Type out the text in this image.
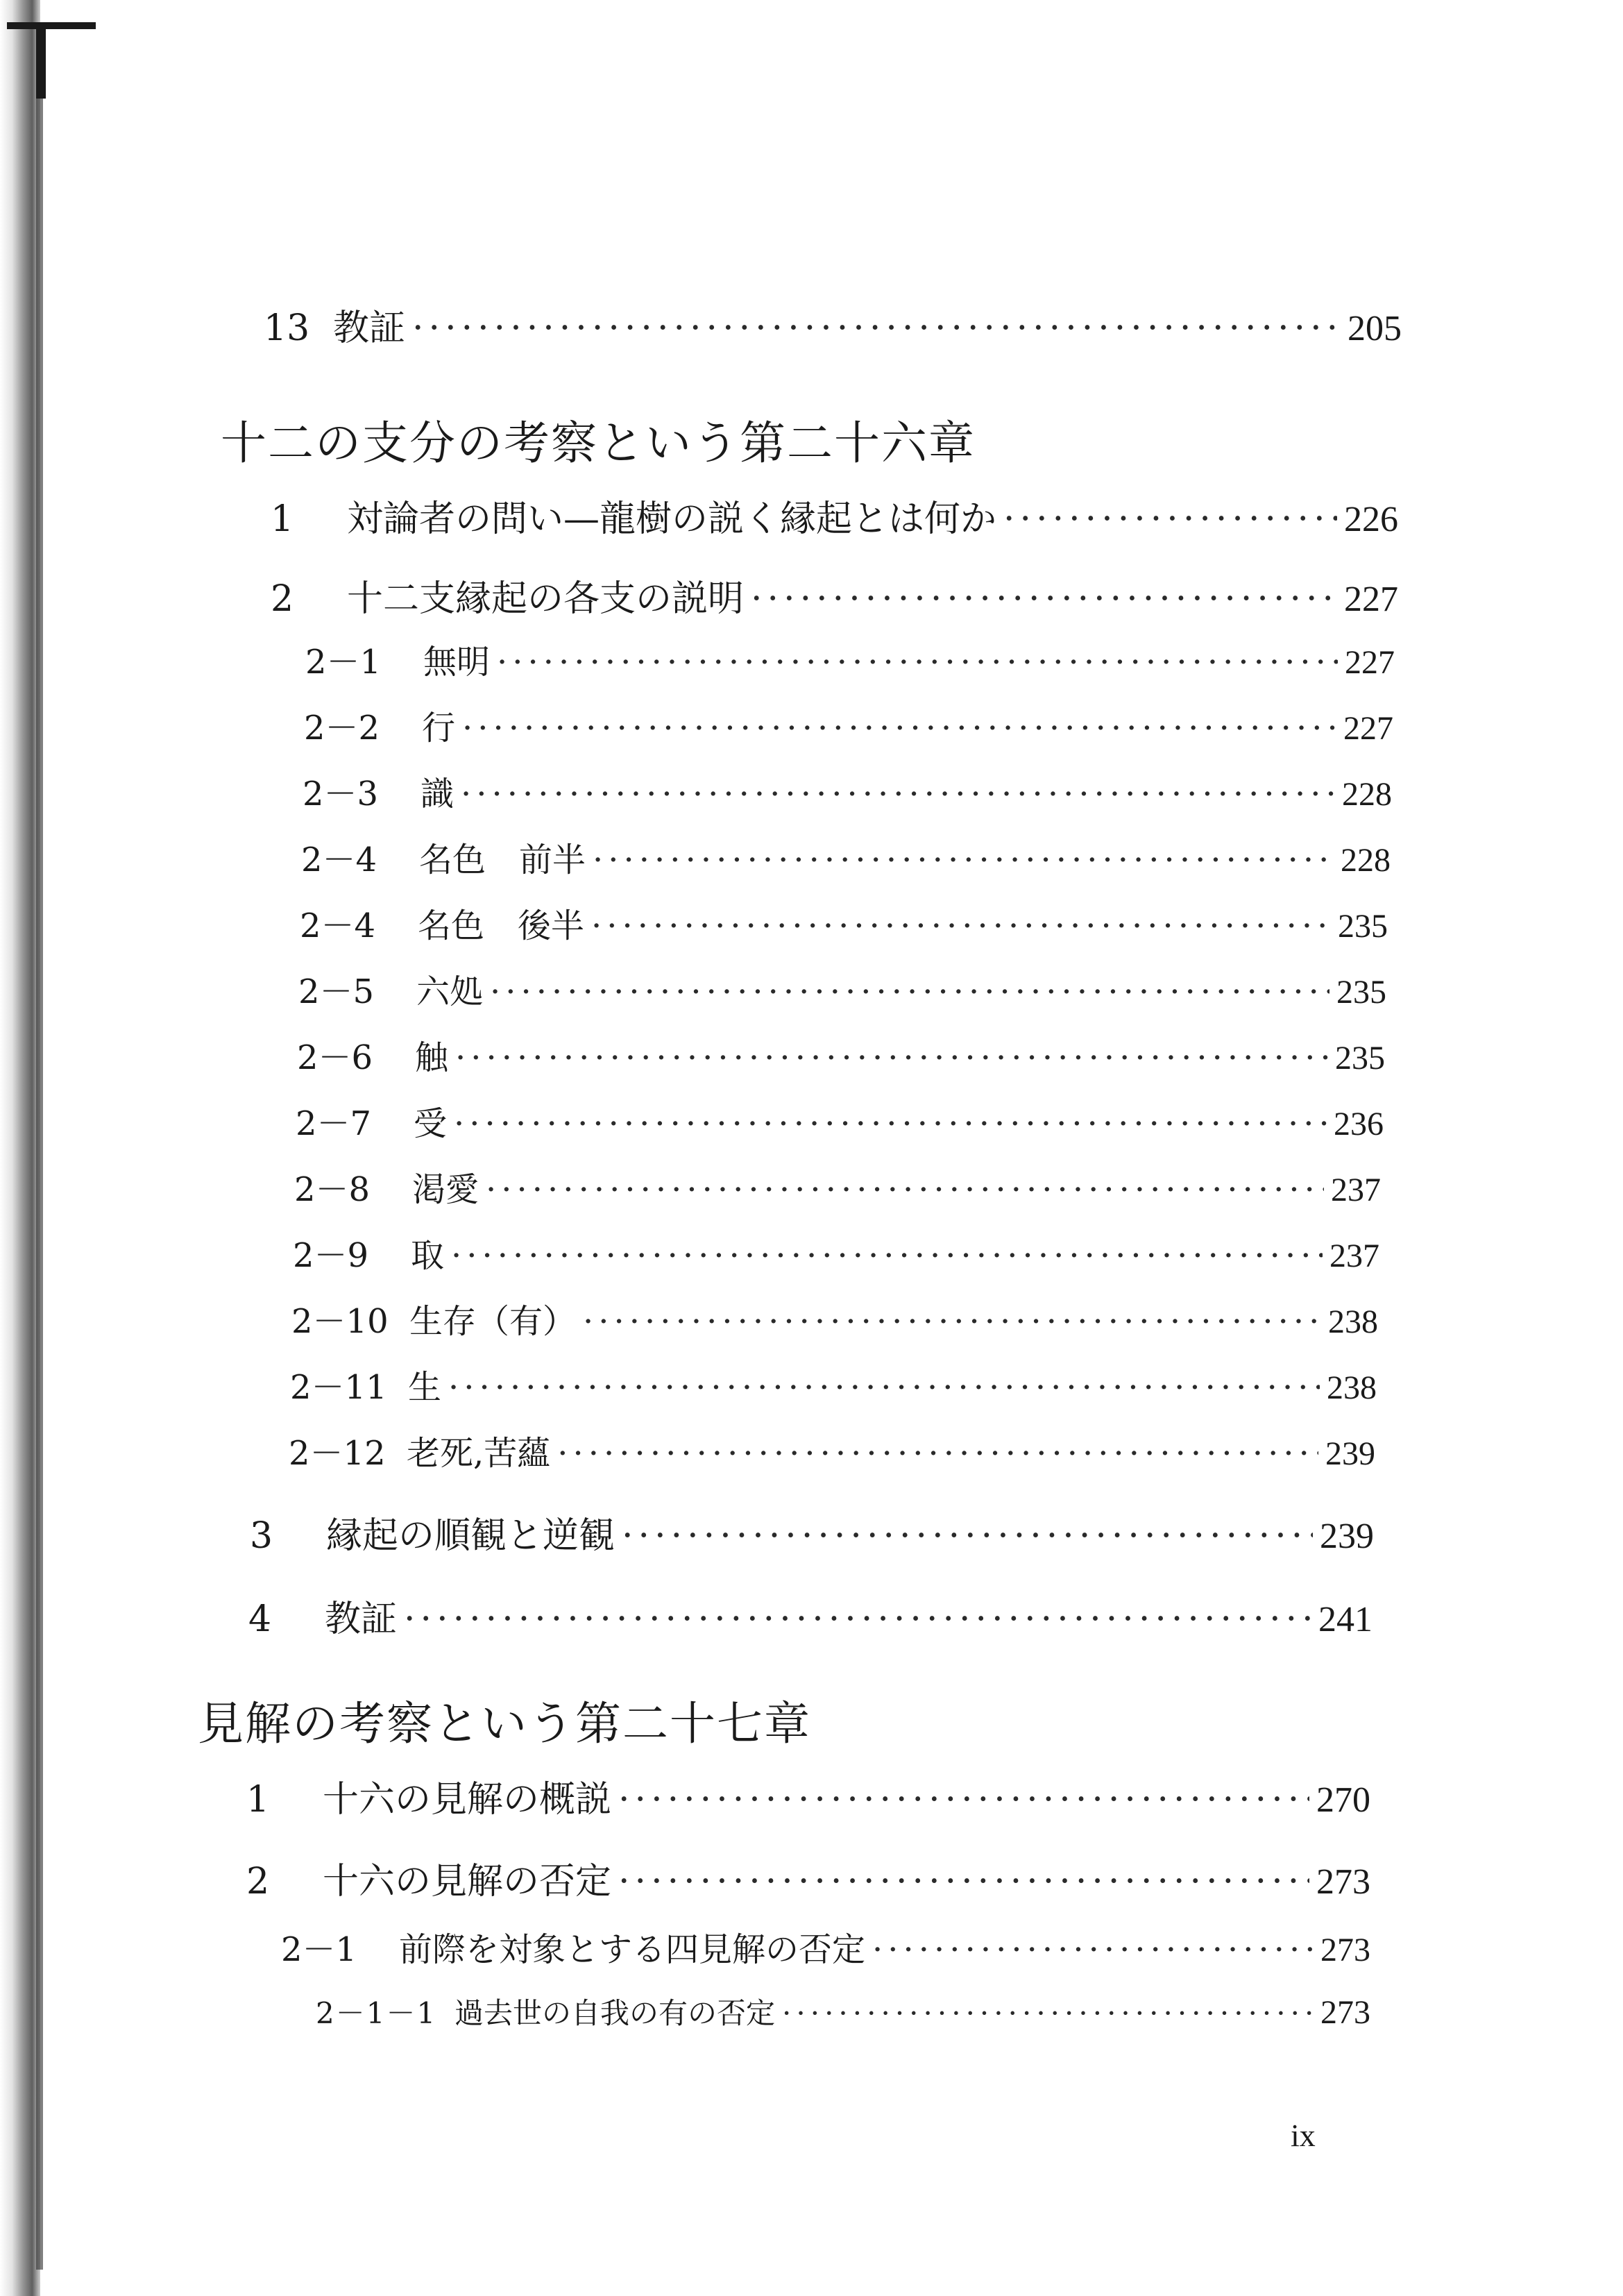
13 教証 ·····	205
十二の支分の考察という第二十六章
1	対論者の問い—龍樹の説く縁起とは何か ·····	226
2	十二支縁起の各支の説明 ·····	227
2－1	無明 ·····	227
2－2	行 ·····	227
2－3	識 ·····	228
2－4	名色　前半 ·····	228
2－4	名色　後半 ·····	235
2－5	六処 ·····	235
2－6	触 ·····	235
2－7	受 ·····	236
2－8	渇愛 ·····	237
2－9	取 ·····	237
2－10 生存（有） ·····	238
2－11 生 ·····	238
2－12 老死,苦蘊 ·····	239
3	縁起の順観と逆観 ·····	239
4	教証 ·····	241
見解の考察という第二十七章
1	十六の見解の概説 ·····	270
2	十六の見解の否定 ·····	273
2－1	前際を対象とする四見解の否定 ·····	273
2－1－1 過去世の自我の有の否定 ·····	273
ix
